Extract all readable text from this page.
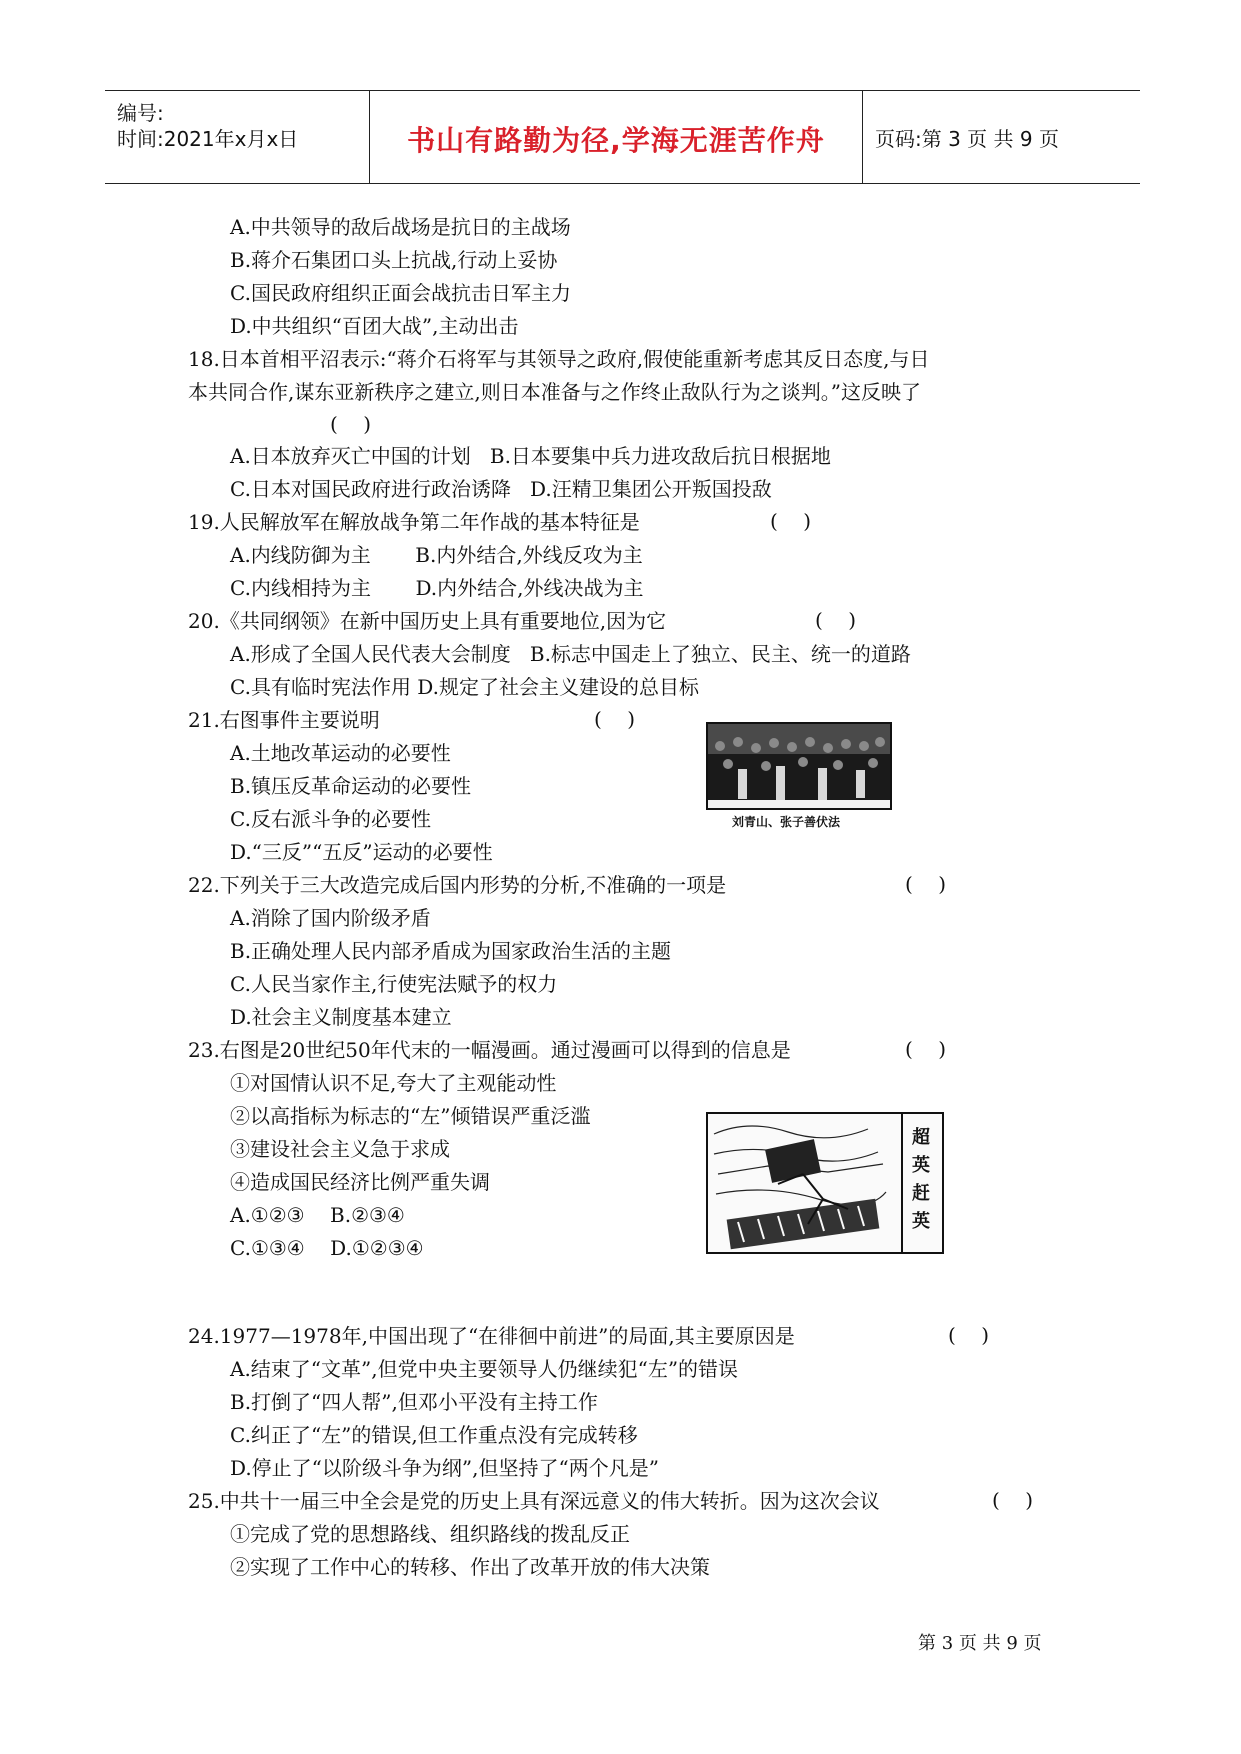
编号:
时间:2021年x月x日	书山有路勤为径,学海无涯苦作舟	页码:第 3 页 共 9 页
A.中共领导的敌后战场是抗日的主战场
B.蒋介石集团口头上抗战,行动上妥协
C.国民政府组织正面会战抗击日军主力
D.中共组织“百团大战”,主动出击
18.日本首相平沼表示:“蒋介石将军与其领导之政府,假使能重新考虑其反日态度,与日
本共同合作,谋东亚新秩序之建立,则日本准备与之作终止敌队行为之谈判。”这反映了
(    )
A.日本放弃灭亡中国的计划   B.日本要集中兵力进攻敌后抗日根据地
C.日本对国民政府进行政治诱降   D.汪精卫集团公开叛国投敌
19.人民解放军在解放战争第二年作战的基本特征是	(    )
A.内线防御为主       B.内外结合,外线反攻为主
C.内线相持为主       D.内外结合,外线决战为主
20.《共同纲领》在新中国历史上具有重要地位,因为它	(    )
A.形成了全国人民代表大会制度   B.标志中国走上了独立、民主、统一的道路
C.具有临时宪法作用 D.规定了社会主义建设的总目标
21.右图事件主要说明	(    )
A.土地改革运动的必要性
B.镇压反革命运动的必要性
C.反右派斗争的必要性
D.“三反”“五反”运动的必要性
刘青山、张子善伏法
22.下列关于三大改造完成后国内形势的分析,不准确的一项是	(    )
A.消除了国内阶级矛盾
B.正确处理人民内部矛盾成为国家政治生活的主题
C.人民当家作主,行使宪法赋予的权力
D.社会主义制度基本建立
23.右图是20世纪50年代末的一幅漫画。通过漫画可以得到的信息是	(    )
①对国情认识不足,夸大了主观能动性
②以高指标为标志的“左”倾错误严重泛滥
③建设社会主义急于求成
④造成国民经济比例严重失调
A.①②③    B.②③④
C.①③④    D.①②③④
超英赶英
24.1977—1978年,中国出现了“在徘徊中前进”的局面,其主要原因是	(    )
A.结束了“文革”,但党中央主要领导人仍继续犯“左”的错误
B.打倒了“四人帮”,但邓小平没有主持工作
C.纠正了“左”的错误,但工作重点没有完成转移
D.停止了“以阶级斗争为纲”,但坚持了“两个凡是”
25.中共十一届三中全会是党的历史上具有深远意义的伟大转折。因为这次会议	(    )
①完成了党的思想路线、组织路线的拨乱反正
②实现了工作中心的转移、作出了改革开放的伟大决策
第 3 页 共 9 页
